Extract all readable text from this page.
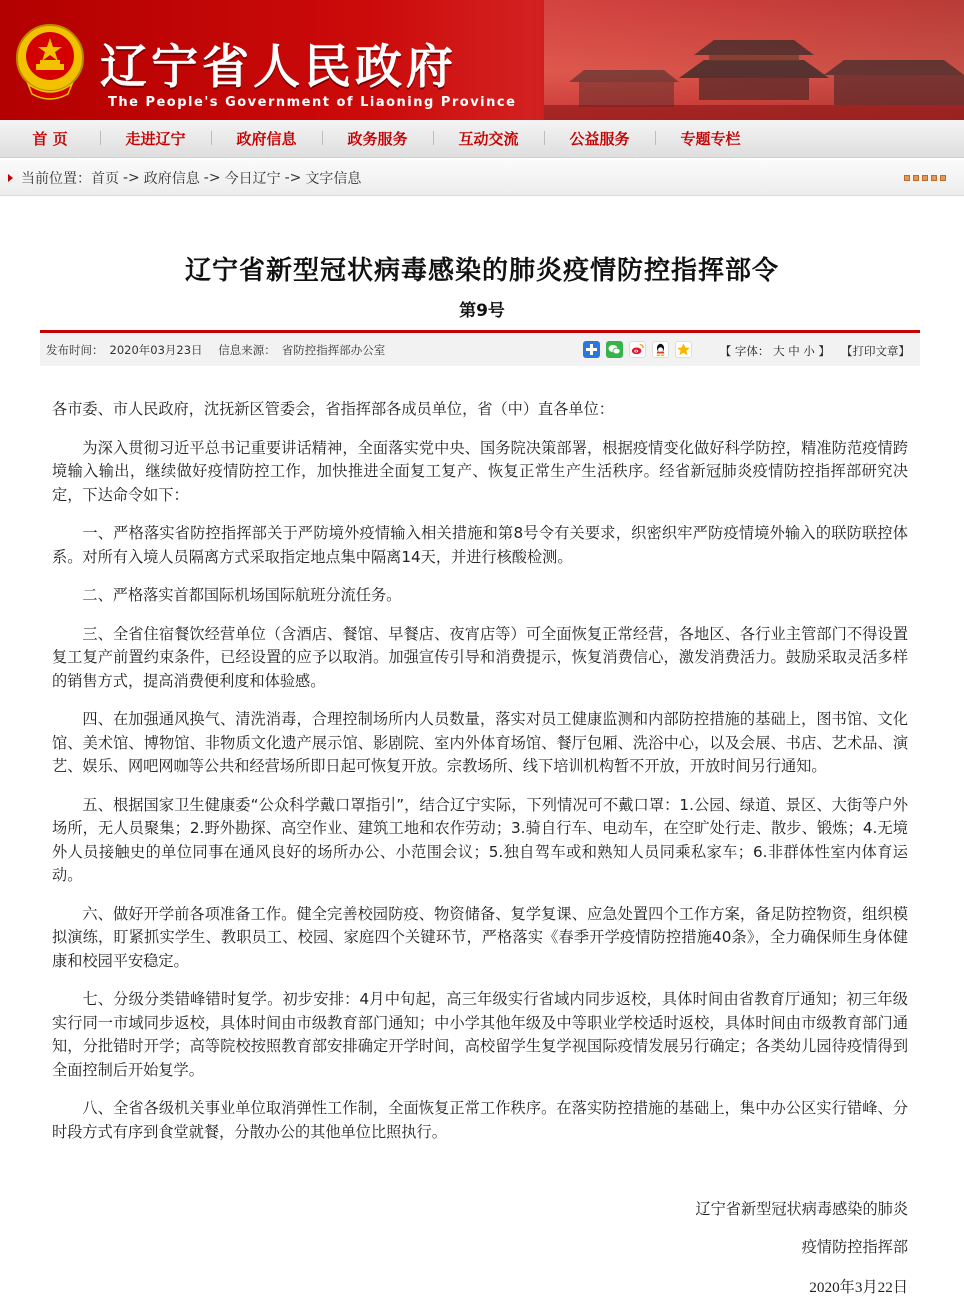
辽宁省人民政府
The People's Government of Liaoning Province
首 页	走进辽宁	政府信息	政务服务	互动交流	公益服务	专题专栏
当前位置： 首页 -> 政府信息 -> 今日辽宁 -> 文字信息
辽宁省新型冠状病毒感染的肺炎疫情防控指挥部令
第9号
发布时间： 2020年03月23日 信息来源： 省防控指挥部办公室	【 字体： 大 中 小 】 【打印文章】

各市委、市人民政府，沈抚新区管委会，省指挥部各成员单位，省（中）直各单位：

为深入贯彻习近平总书记重要讲话精神，全面落实党中央、国务院决策部署，根据疫情变化做好科学防控，精准防范疫情跨境输入输出，继续做好疫情防控工作，加快推进全面复工复产、恢复正常生产生活秩序。经省新冠肺炎疫情防控指挥部研究决定，下达命令如下：

一、严格落实省防控指挥部关于严防境外疫情输入相关措施和第8号令有关要求，织密织牢严防疫情境外输入的联防联控体系。对所有入境人员隔离方式采取指定地点集中隔离14天，并进行核酸检测。

二、严格落实首都国际机场国际航班分流任务。

三、全省住宿餐饮经营单位（含酒店、餐馆、早餐店、夜宵店等）可全面恢复正常经营，各地区、各行业主管部门不得设置复工复产前置约束条件，已经设置的应予以取消。加强宣传引导和消费提示，恢复消费信心，激发消费活力。鼓励采取灵活多样的销售方式，提高消费便利度和体验感。

四、在加强通风换气、清洗消毒，合理控制场所内人员数量，落实对员工健康监测和内部防控措施的基础上，图书馆、文化馆、美术馆、博物馆、非物质文化遗产展示馆、影剧院、室内外体育场馆、餐厅包厢、洗浴中心，以及会展、书店、艺术品、演艺、娱乐、网吧网咖等公共和经营场所即日起可恢复开放。宗教场所、线下培训机构暂不开放，开放时间另行通知。

五、根据国家卫生健康委“公众科学戴口罩指引”，结合辽宁实际，下列情况可不戴口罩：1.公园、绿道、景区、大街等户外场所，无人员聚集；2.野外勘探、高空作业、建筑工地和农作劳动；3.骑自行车、电动车，在空旷处行走、散步、锻炼；4.无境外人员接触史的单位同事在通风良好的场所办公、小范围会议；5.独自驾车或和熟知人员同乘私家车；6.非群体性室内体育运动。

六、做好开学前各项准备工作。健全完善校园防疫、物资储备、复学复课、应急处置四个工作方案，备足防控物资，组织模拟演练，盯紧抓实学生、教职员工、校园、家庭四个关键环节，严格落实《春季开学疫情防控措施40条》，全力确保师生身体健康和校园平安稳定。

七、分级分类错峰错时复学。初步安排：4月中旬起，高三年级实行省域内同步返校，具体时间由省教育厅通知；初三年级实行同一市域同步返校，具体时间由市级教育部门通知；中小学其他年级及中等职业学校适时返校，具体时间由市级教育部门通知，分批错时开学；高等院校按照教育部安排确定开学时间，高校留学生复学视国际疫情发展另行确定；各类幼儿园待疫情得到全面控制后开始复学。

八、全省各级机关事业单位取消弹性工作制，全面恢复正常工作秩序。在落实防控措施的基础上，集中办公区实行错峰、分时段方式有序到食堂就餐，分散办公的其他单位比照执行。

辽宁省新型冠状病毒感染的肺炎
疫情防控指挥部
2020年3月22日
